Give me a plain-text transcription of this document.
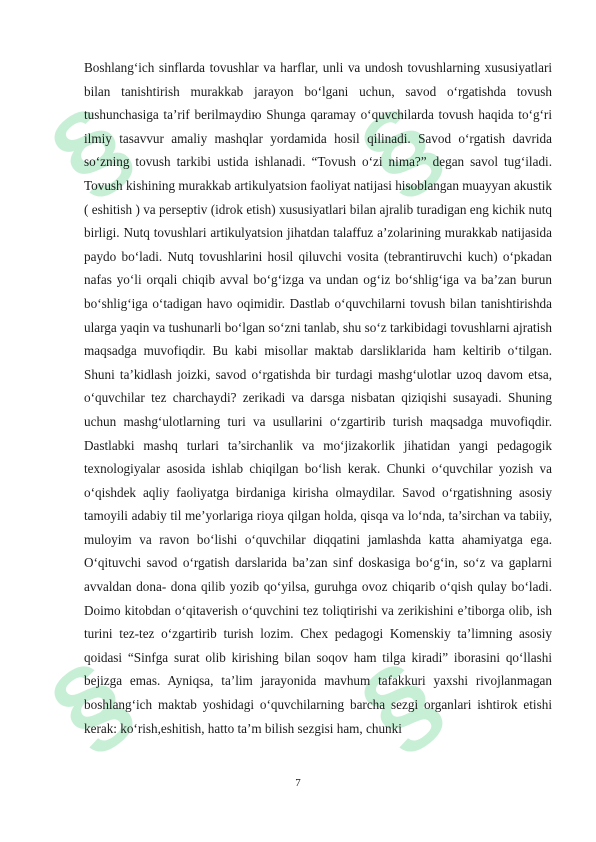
§ §
§ §

Boshlang‘ich sinflarda tovushlar va harflar, unli va undosh tovushlarning xususiyatlari bilan tanishtirish murakkab jarayon bo‘lgani uchun, savod o‘rgatishda tovush tushunchasiga ta’rif berilmaydiю Shunga qaramay o‘quvchilarda tovush haqida to‘g‘ri ilmiy tasavvur amaliy mashqlar yordamida hosil qilinadi. Savod o‘rgatish davrida so‘zning tovush tarkibi ustida ishlanadi. “Tovush o‘zi nima?” degan savol tug‘iladi. Tovush kishining murakkab artikulyatsion faoliyat natijasi hisoblangan muayyan akustik ( eshitish ) va perseptiv (idrok etish) xususiyatlari bilan ajralib turadigan eng kichik nutq birligi. Nutq tovushlari artikulyatsion jihatdan talaffuz a’zolarining murakkab natijasida paydo bo‘ladi. Nutq tovushlarini hosil qiluvchi vosita (tebrantiruvchi kuch) o‘pkadan nafas yo‘li orqali chiqib avval bo‘g‘izga va undan og‘iz bo‘shlig‘iga va ba’zan burun bo‘shlig‘iga o‘tadigan havo oqimidir. Dastlab o‘quvchilarni tovush bilan tanishtirishda ularga yaqin va tushunarli bo‘lgan so‘zni tanlab, shu so‘z tarkibidagi tovushlarni ajratish maqsadga muvofiqdir. Bu kabi misollar maktab darsliklarida ham keltirib o‘tilgan. Shuni ta’kidlash joizki, savod o‘rgatishda bir turdagi mashg‘ulotlar uzoq davom etsa, o‘quvchilar tez charchaydi? zerikadi va darsga nisbatan qiziqishi susayadi. Shuning uchun mashg‘ulotlarning turi va usullarini o‘zgartirib turish maqsadga muvofiqdir. Dastlabki mashq turlari ta’sirchanlik va mo‘jizakorlik jihatidan yangi pedagogik texnologiyalar asosida ishlab chiqilgan bo‘lish kerak. Chunki o‘quvchilar yozish va o‘qishdek aqliy faoliyatga birdaniga kirisha olmaydilar. Savod o‘rgatishning asosiy tamoyili adabiy til me’yorlariga rioya qilgan holda, qisqa va lo‘nda, ta’sirchan va tabiiy, muloyim va ravon bo‘lishi o‘quvchilar diqqatini jamlashda katta ahamiyatga ega. O‘qituvchi savod o‘rgatish darslarida ba’zan sinf doskasiga bo‘g‘in, so‘z va gaplarni avvaldan dona- dona qilib yozib qo‘yilsa, guruhga ovoz chiqarib o‘qish qulay bo‘ladi. Doimo kitobdan o‘qitaverish o‘quvchini tez toliqtirishi va zerikishini e’tiborga olib, ish turini tez-tez o‘zgartirib turish lozim. Chex pedagogi Komenskiy ta’limning asosiy qoidasi “Sinfga surat olib kirishing bilan soqov ham tilga kiradi” iborasini qo‘llashi bejizga emas. Ayniqsa, ta’lim jarayonida mavhum tafakkuri yaxshi rivojlanmagan boshlang‘ich maktab yoshidagi o‘quvchilarning barcha sezgi organlari ishtirok etishi kerak: ko‘rish,eshitish, hatto ta’m bilish sezgisi ham, chunki

7
